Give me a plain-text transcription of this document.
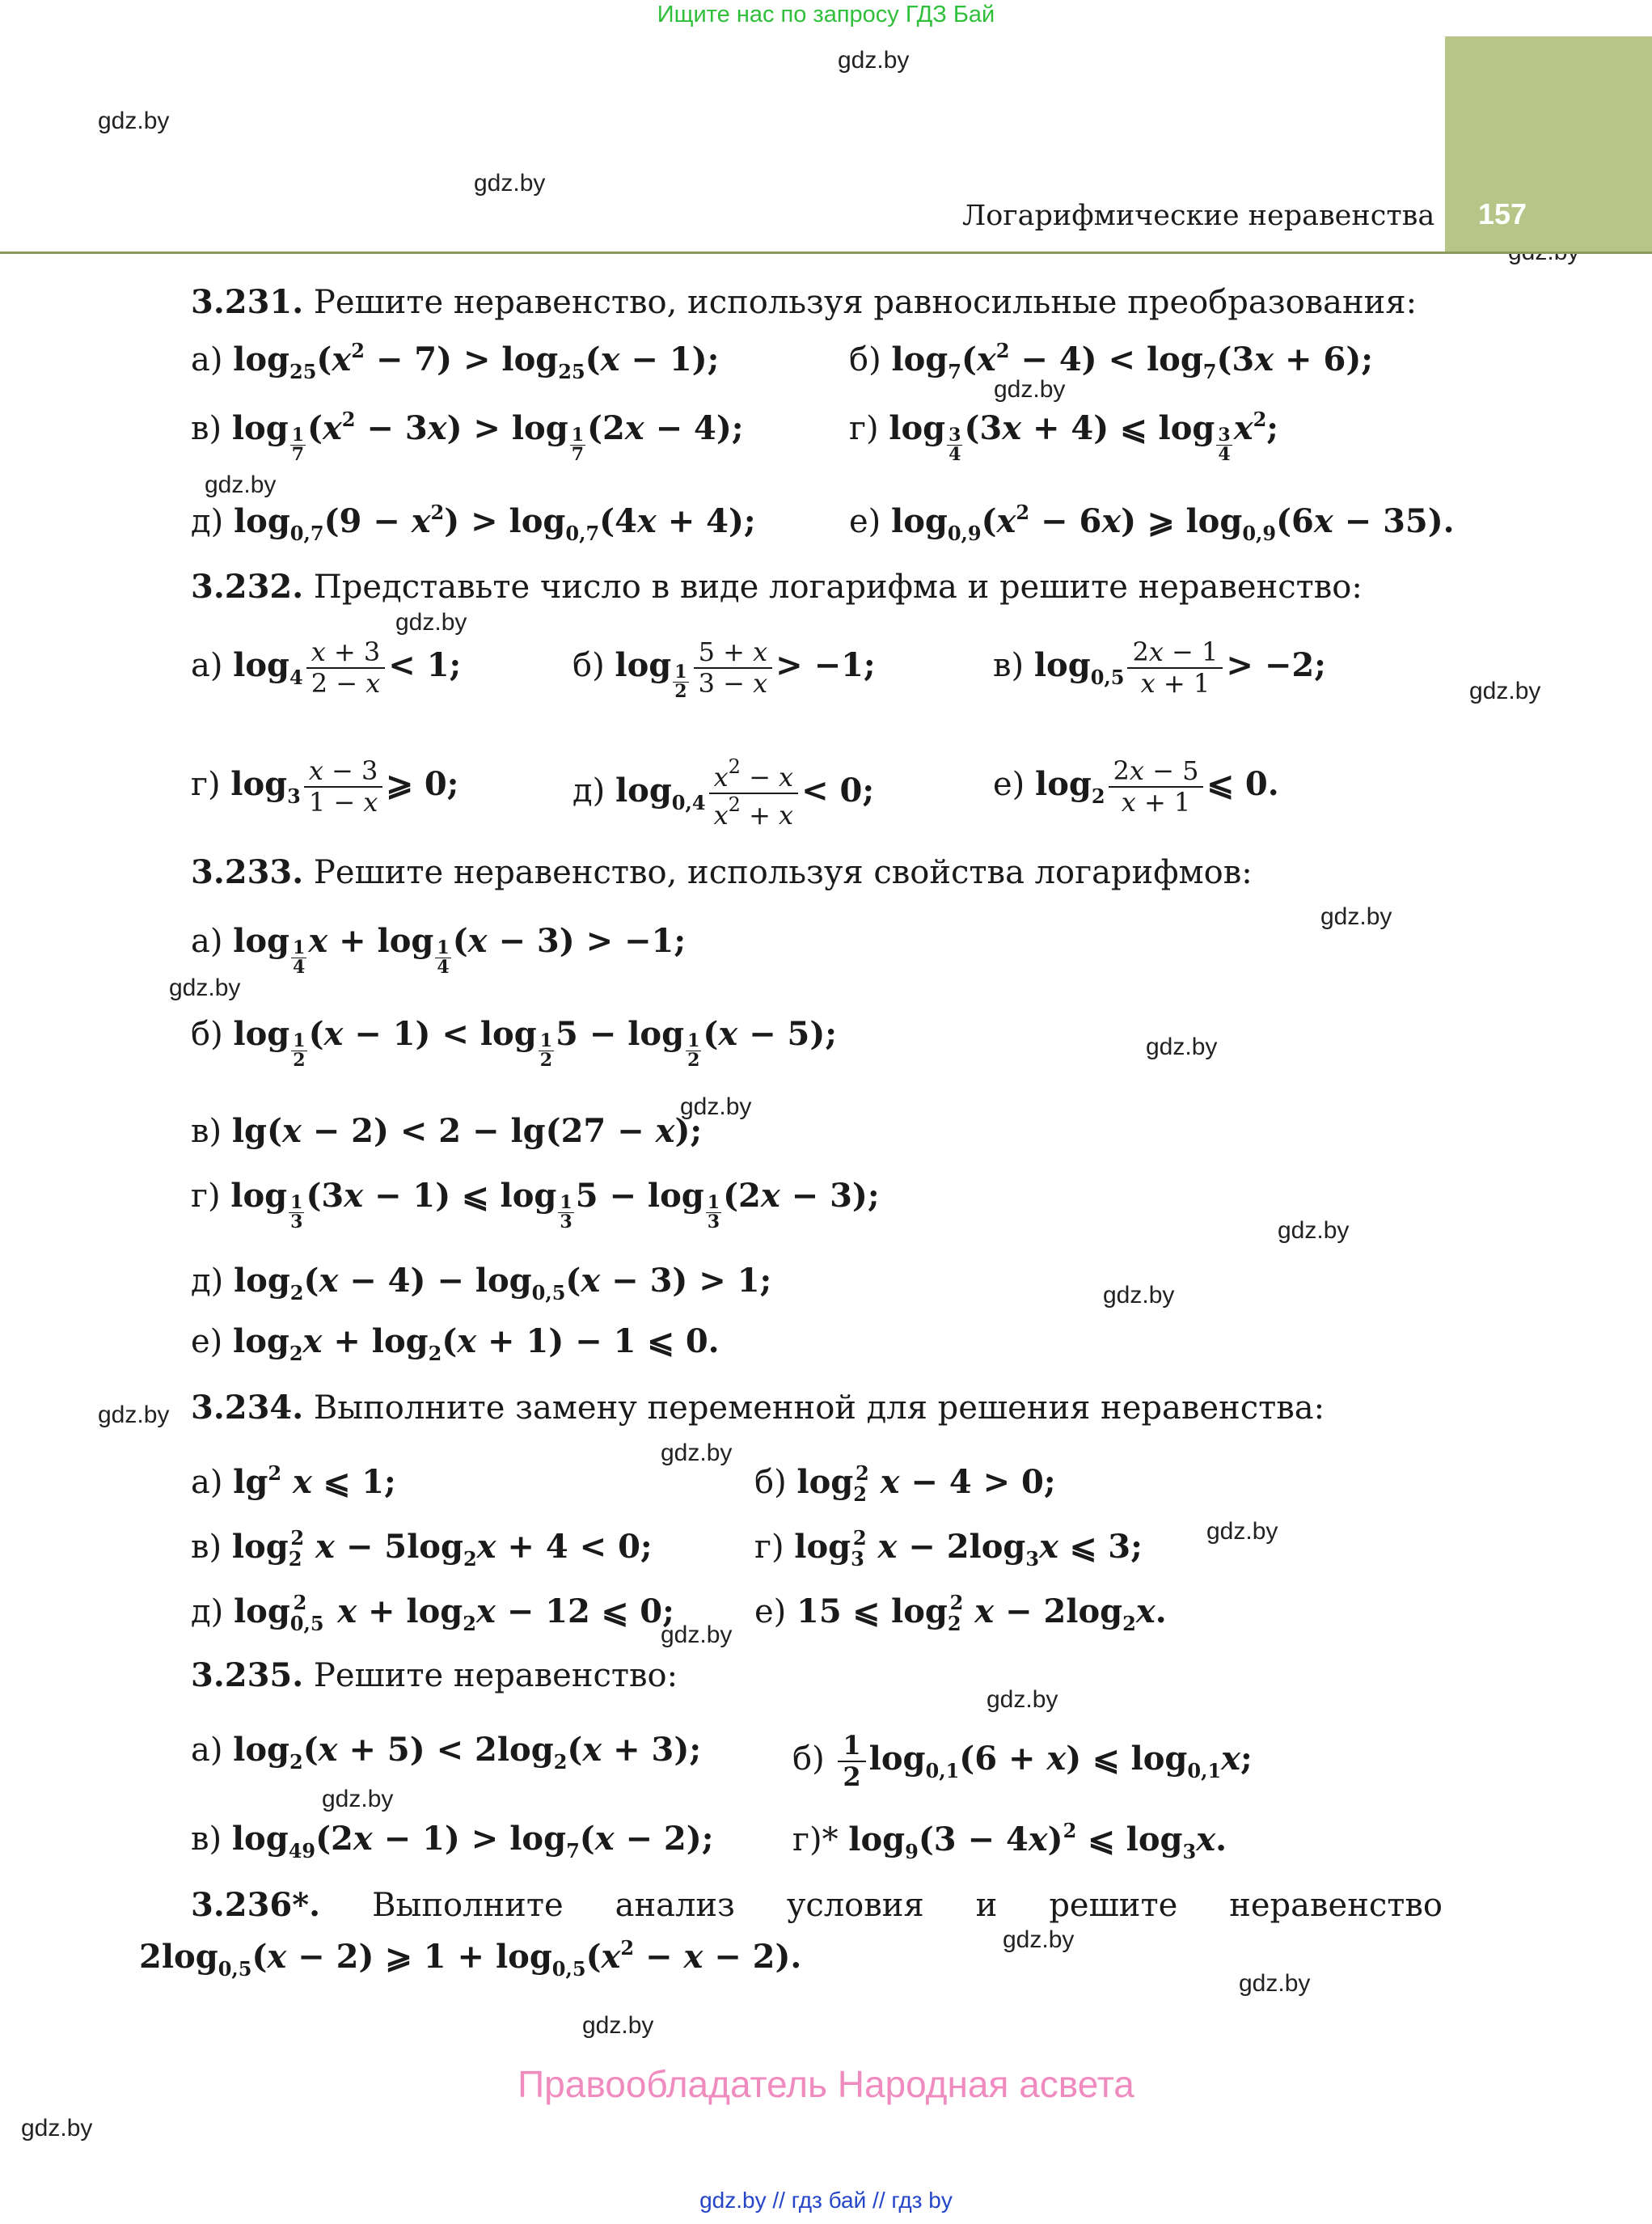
Ищите нас по запросу ГДЗ Бай
gdz.by
gdz.by
gdz.by
gdz.by
gdz.by
gdz.by
gdz.by
gdz.by
gdz.by
gdz.by
gdz.by
gdz.by
gdz.by
gdz.by
gdz.by
gdz.by
gdz.by
gdz.by
gdz.by
gdz.by
gdz.by
gdz.by
gdz.by
157
Логарифмические неравенства
3.231. Решите неравенство, используя равносильные преобразования:
а) $\log_{25}(x^2 - 7) > \log_{25}(x - 1)$;	б) $\log_7(x^2 - 4) < \log_7(3x + 6)$;
в) $\log \frac{1}{7} (x^2 - 3x) > \log \frac{1}{7} (2x - 4)$;	г) $\log \frac{3}{4} (3x + 4)$ ⩽ $\log \frac{3}{4} x^2$;
д) $\log_{0,7}(9 - x^2) > \log_{0,7}(4x + 4)$;	е) $\log_{0,9}(x^2 - 6x)$ ⩾ $\log_{0,9}(6x - 35)$.
3.232. Представьте число в виде логарифма и решите неравенство:
а) $\log_4 \frac{x + 3}{2 - x} < 1$;	б) $\log \frac{1}{2} \frac{5 + x}{3 - x} > -1$;	в) $\log_{0,5} \frac{2x - 1}{x + 1} > -2$;
г) $\log_3 \frac{x - 3}{1 - x}$ ⩾ 0;	д) $\log_{0,4} \frac{x^2 - x}{x^2 + x} < 0$;	е) $\log_2 \frac{2x - 5}{x + 1}$ ⩽ 0.
3.233. Решите неравенство, используя свойства логарифмов:
а) $\log \frac{1}{4}$ $x + \log \frac{1}{4} (x - 3) > -1$;
б) $\log \frac{1}{2} (x - 1) < \log \frac{1}{2} 5 - \log \frac{1}{2} (x - 5)$;
в) lg(x − 2) < 2 − lg(27 − x);
г) $\log \frac{1}{3} (3x - 1)$ ⩽ $\log \frac{1}{3} 5 - \log \frac{1}{3} (2x - 3)$;
д) $\log_2(x - 4) - \log_{0,5}(x - 3) > 1$;
е) $\log_2x + \log_2(x + 1) - 1$ ⩽ 0.
3.234. Выполните замену переменной для решения неравенства:
а) $\lg^2 x$ ⩽ 1;	б) $\log_2^2 x - 4 > 0$;
в) $\log_2^2 x - 5\log_2x + 4 < 0$;	г) $\log_3^2 x - 2\log_3x$ ⩽ 3;
д) $\log_{0,5}^2 x + \log_2x - 12$ ⩽ 0; е) 15 ⩽ $\log_2^2 x - 2\log_2x$.
3.235. Решите неравенство:
а) $\log_2(x + 5) < 2\log_2(x + 3)$;	$б) \frac{1}{2} \log_{0,1}(6 + x)$ ⩽ $\log_{0,1}x$;
в) $\log_{49}(2x - 1) > \log_7(x - 2)$; г)* $\log_9(3 - 4x)^2$ ⩽ $\log_3x$.
3.236*. Выполните анализ условия и решите неравенство
$2\log_{0,5}(x - 2)$ ⩾ $1 + \log_{0,5}(x^2 - x - 2)$.
Правообладатель Народная асвета
gdz.by // гдз бай // гдз by
